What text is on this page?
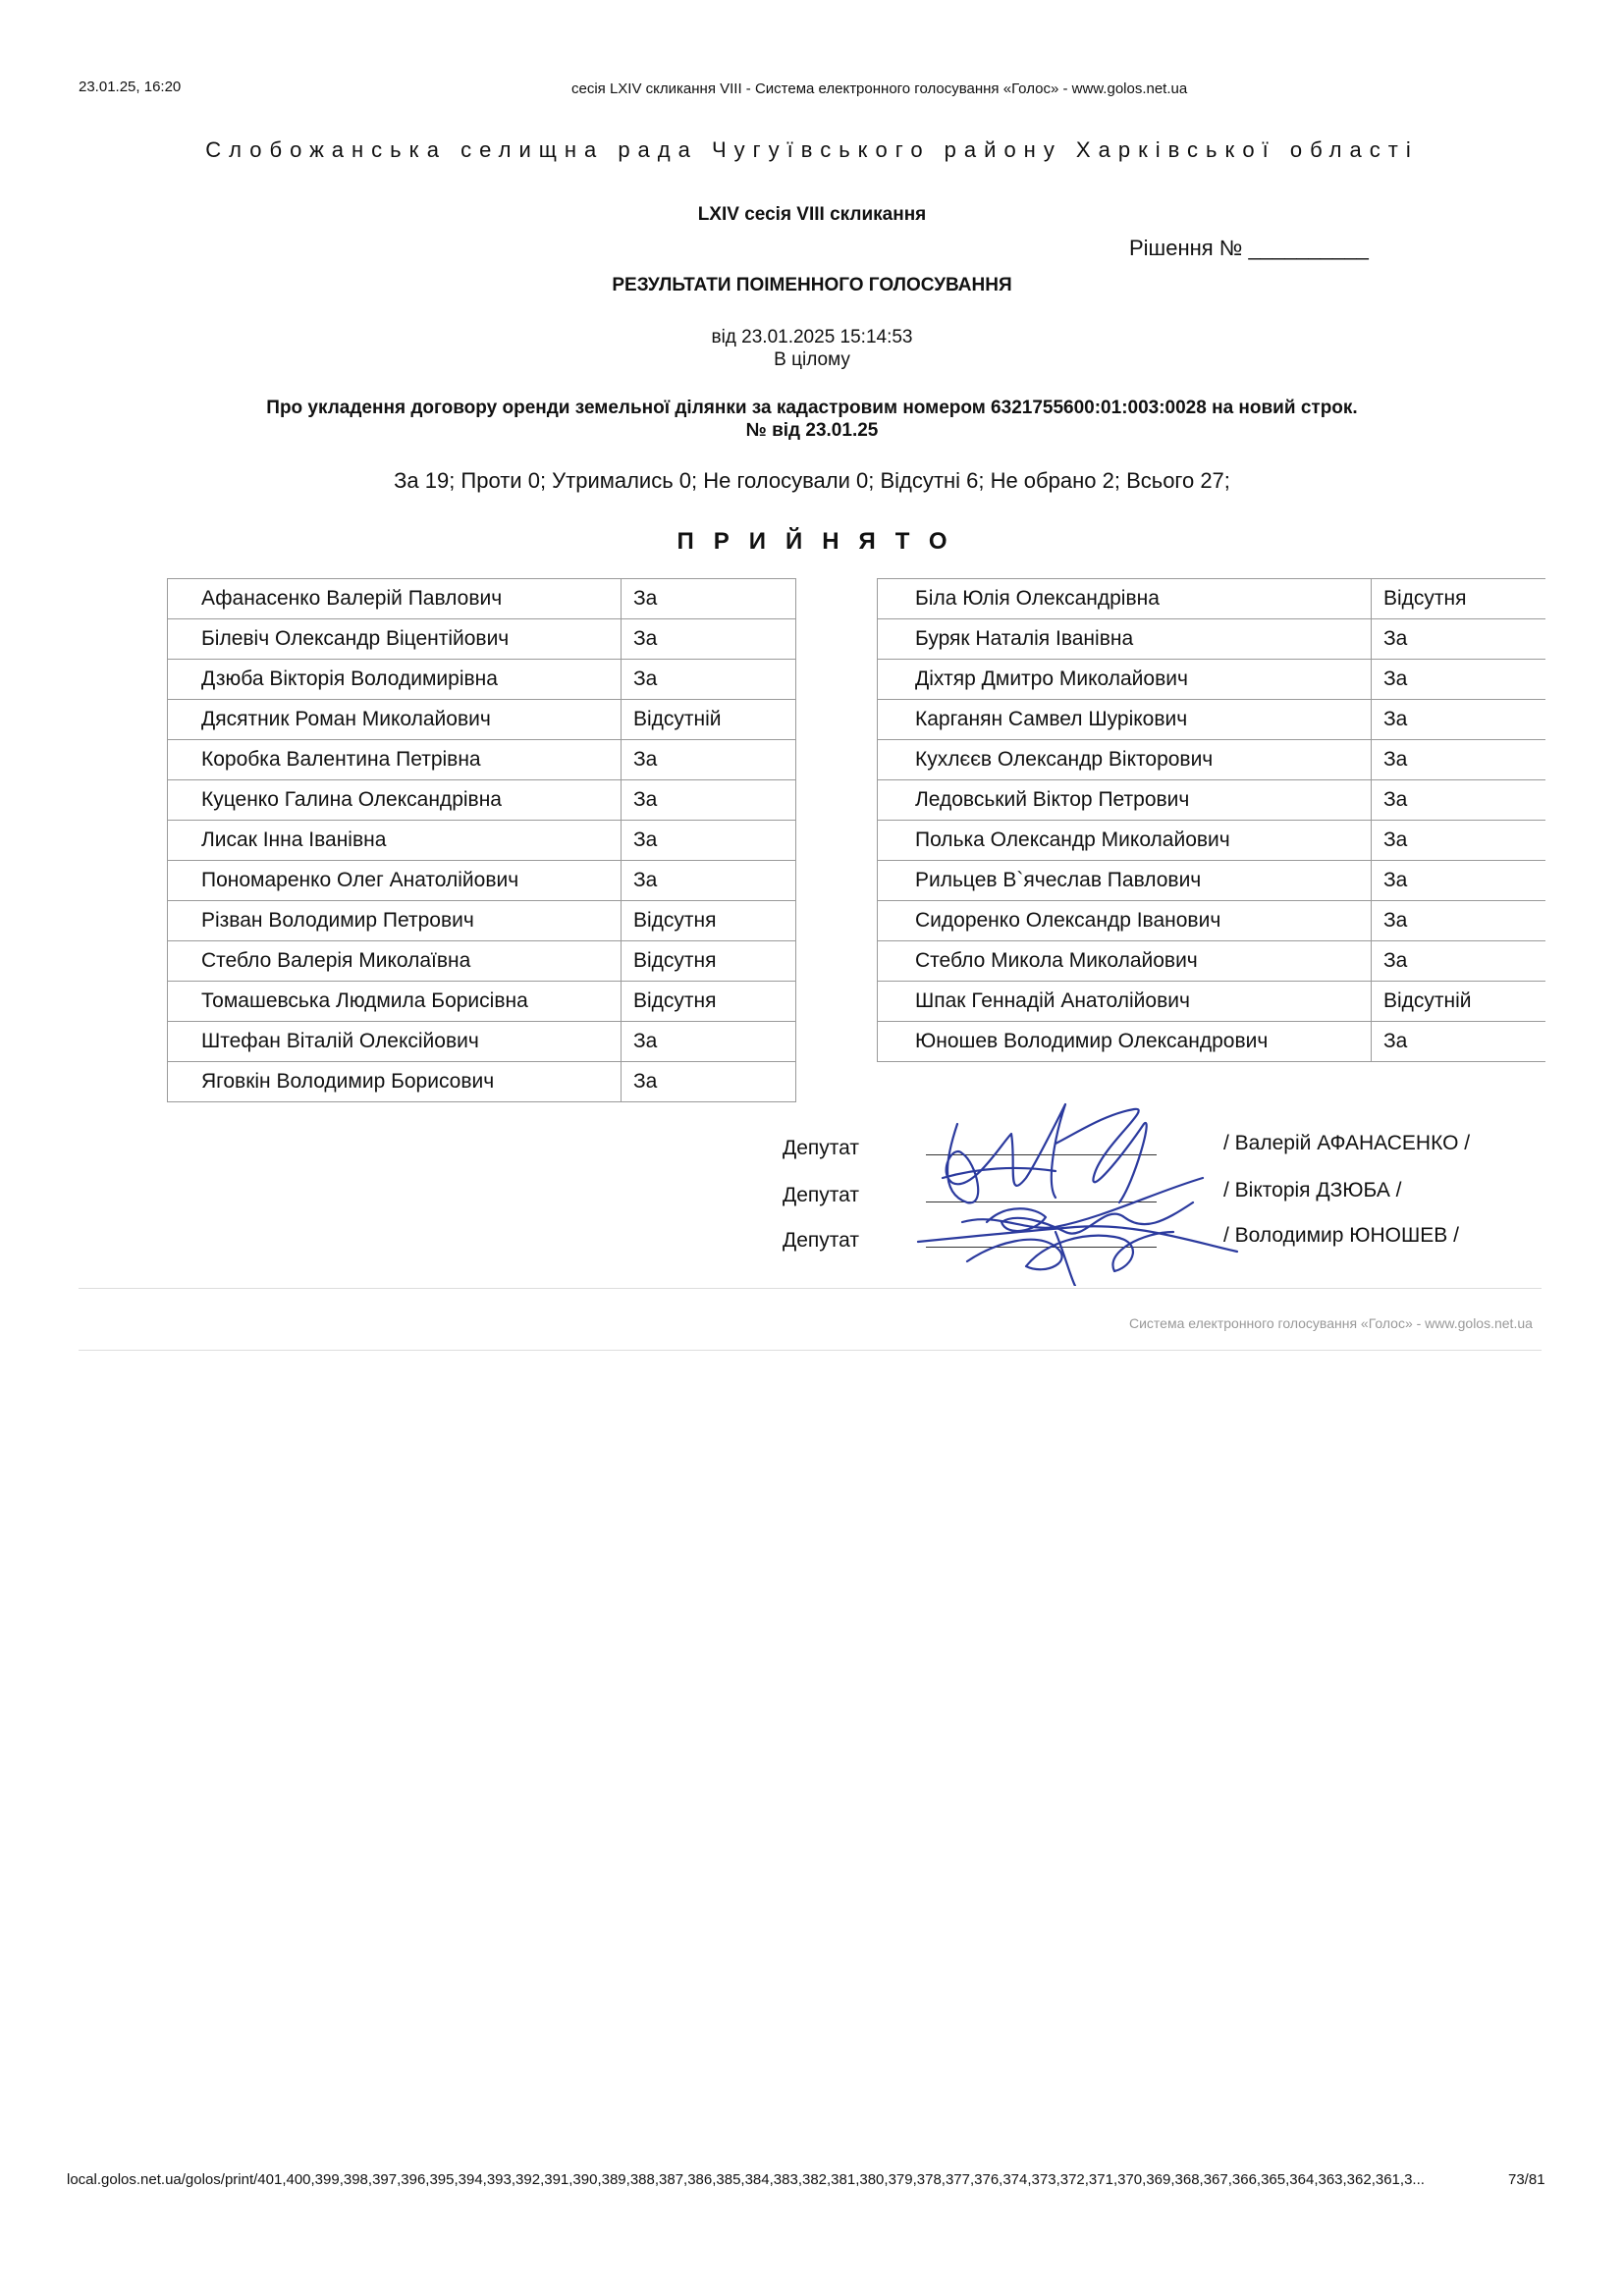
23.01.25, 16:20	сесія LXIV скликання VIII - Система електронного голосування «Голос» - www.golos.net.ua
Слобожанська селищна рада Чугуївського району Харківської області
LXIV сесія VIII скликання
Рішення № __________
РЕЗУЛЬТАТИ ПОІМЕННОГО ГОЛОСУВАННЯ
від 23.01.2025 15:14:53
В цілому
Про укладення договору оренди земельної ділянки за кадастровим номером 6321755600:01:003:0028 на новий строк.
№ від 23.01.25
За 19; Проти 0; Утримались 0; Не голосували 0; Відсутні 6; Не обрано 2; Всього 27;
ПРИЙНЯТО
Афанасенко Валерій Павлович	За
Білевіч Олександр Віцентійович	За
Дзюба Вікторія Володимирівна	За
Дясятник Роман Миколайович	Відсутній
Коробка Валентина Петрівна	За
Куценко Галина Олександрівна	За
Лисак Інна Іванівна	За
Пономаренко Олег Анатолійович	За
Різван Володимир Петрович	Відсутня
Стебло Валерія Миколаївна	Відсутня
Томашевська Людмила Борисівна	Відсутня
Штефан Віталій Олексійович	За
Яговкін Володимир Борисович	За
Біла Юлія Олександрівна	Відсутня
Буряк Наталія Іванівна	За
Діхтяр Дмитро Миколайович	За
Карганян Самвел Шурікович	За
Кухлєєв Олександр Вікторович	За
Ледовський Віктор Петрович	За
Полька Олександр Миколайович	За
Рильцев В`ячеслав Павлович	За
Сидоренко Олександр Іванович	За
Стебло Микола Миколайович	За
Шпак Геннадій Анатолійович	Відсутній
Юношев Володимир Олександрович	За
Депутат
Депутат
Депутат
/ Валерій АФАНАСЕНКО /
/ Вікторія ДЗЮБА /
/ Володимир ЮНОШЕВ /
Система електронного голосування «Голос» - www.golos.net.ua
local.golos.net.ua/golos/print/401,400,399,398,397,396,395,394,393,392,391,390,389,388,387,386,385,384,383,382,381,380,379,378,377,376,374,373,372,371,370,369,368,367,366,365,364,363,362,361,3...	73/81
